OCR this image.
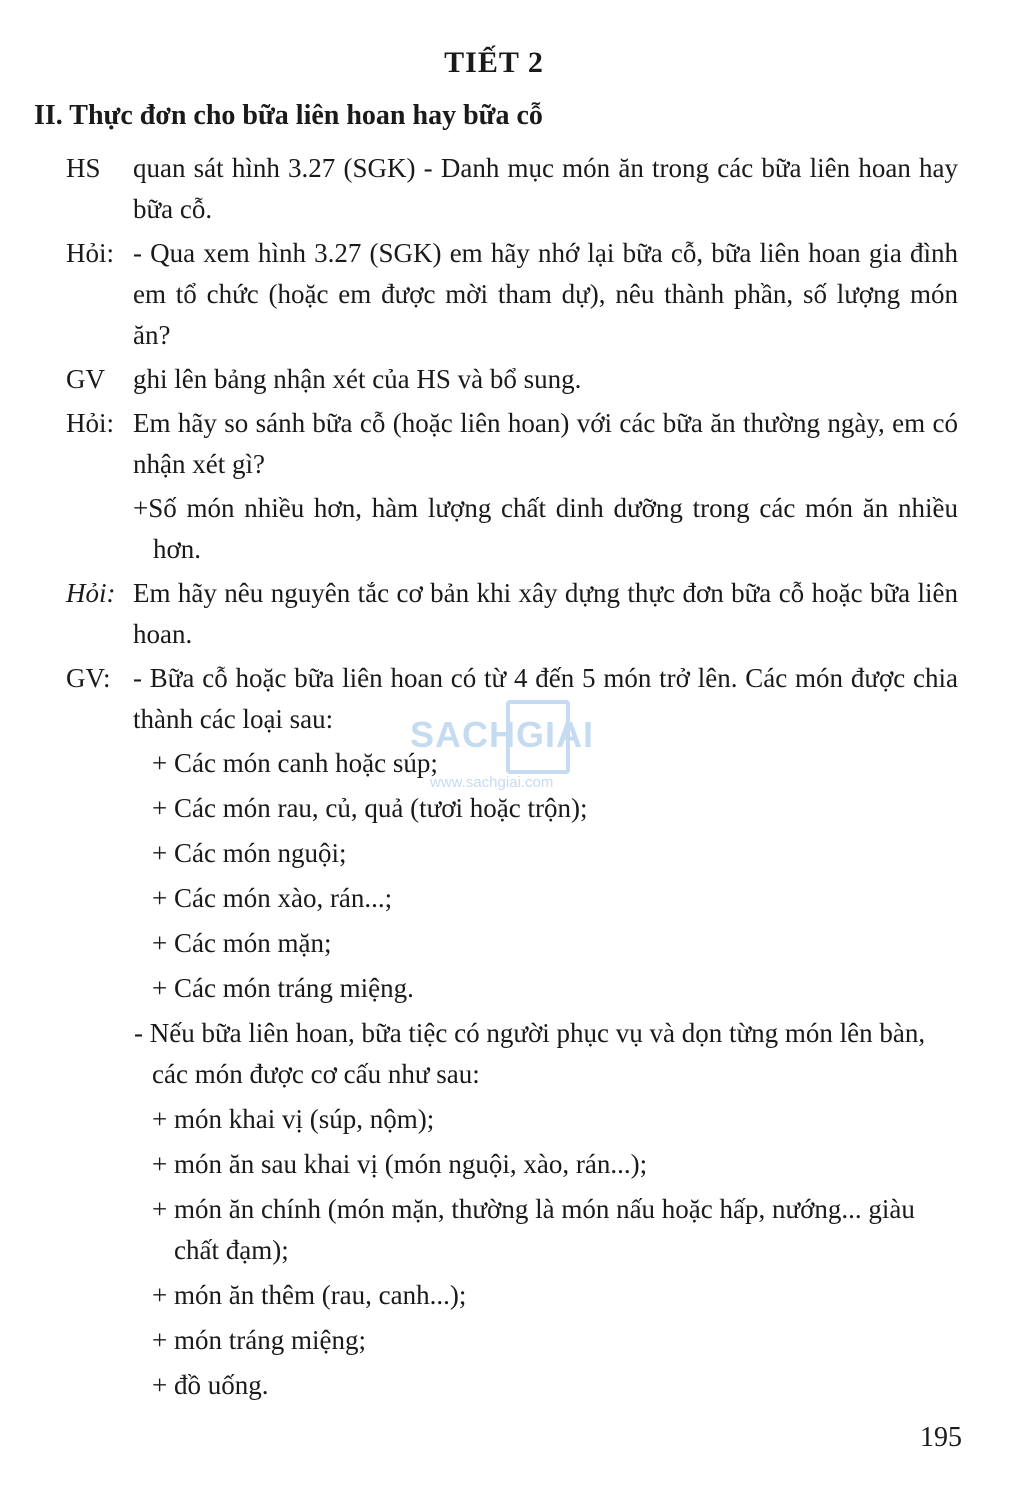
TIẾT 2
II. Thực đơn cho bữa liên hoan hay bữa cỗ
HS quan sát hình 3.27 (SGK) - Danh mục món ăn trong các bữa liên hoan hay bữa cỗ.
Hỏi: - Qua xem hình 3.27 (SGK) em hãy nhớ lại bữa cỗ, bữa liên hoan gia đình em tổ chức (hoặc em được mời tham dự), nêu thành phần, số lượng món ăn?
GV ghi lên bảng nhận xét của HS và bổ sung.
Hỏi: Em hãy so sánh bữa cỗ (hoặc liên hoan) với các bữa ăn thường ngày, em có nhận xét gì?
+Số món nhiều hơn, hàm lượng chất dinh dưỡng trong các món ăn nhiều hơn.
Hỏi: Em hãy nêu nguyên tắc cơ bản khi xây dựng thực đơn bữa cỗ hoặc bữa liên hoan.
GV: - Bữa cỗ hoặc bữa liên hoan có từ 4 đến 5 món trở lên. Các món được chia thành các loại sau:
+ Các món canh hoặc súp;
+ Các món rau, củ, quả (tươi hoặc trộn);
+ Các món nguội;
+ Các món xào, rán...;
+ Các món mặn;
+ Các món tráng miệng.
- Nếu bữa liên hoan, bữa tiệc có người phục vụ và dọn từng món lên bàn, các món được cơ cấu như sau:
+ món khai vị (súp, nộm);
+ món ăn sau khai vị (món nguội, xào, rán...);
+ món ăn chính (món mặn, thường là món nấu hoặc hấp, nướng... giàu chất đạm);
+ món ăn thêm (rau, canh...);
+ món tráng miệng;
+ đồ uống.
SACHGIAI
www.sachgiai.com
195
